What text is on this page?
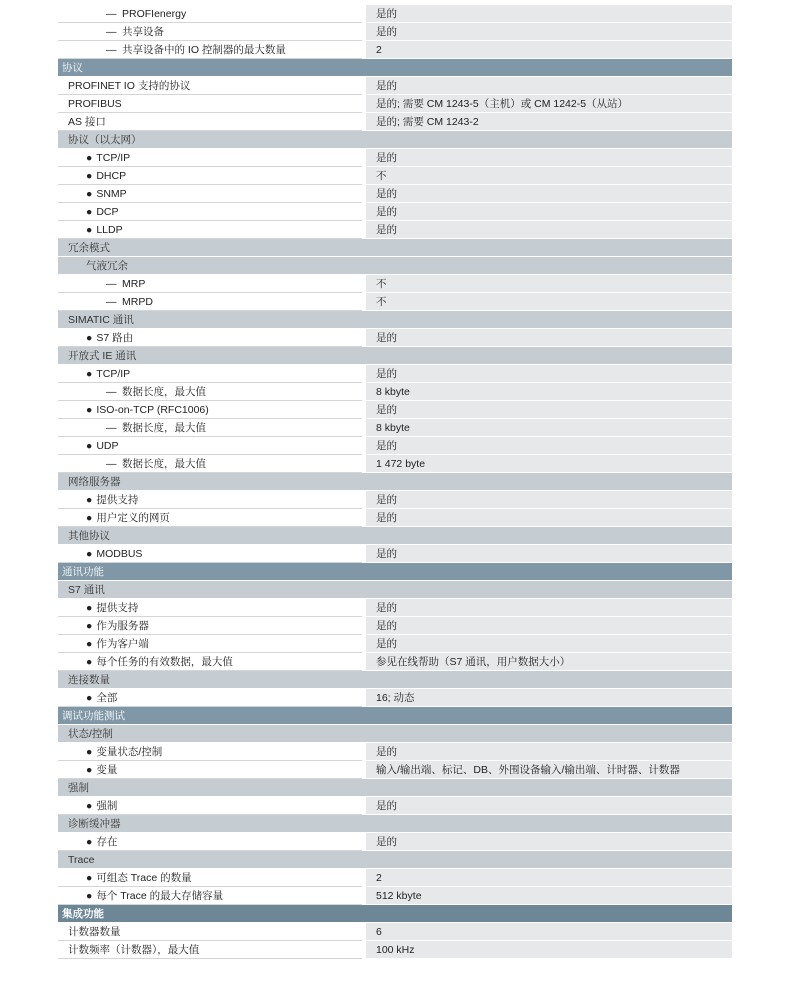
— PROFIenergy	是的
— 共享设备	是的
— 共享设备中的 IO 控制器的最大数量	2
协议
PROFINET IO 支持的协议	是的
PROFIBUS	是的; 需要 CM 1243-5（主机）或 CM 1242-5（从站）
AS 接口	是的; 需要 CM 1243-2
协议（以太网）
● TCP/IP	是的
● DHCP	不
● SNMP	是的
● DCP	是的
● LLDP	是的
冗余模式
气液冗余
— MRP	不
— MRPD	不
SIMATIC 通讯
● S7 路由	是的
开放式 IE 通讯
● TCP/IP	是的
— 数据长度，最大值	8 kbyte
● ISO-on-TCP (RFC1006)	是的
— 数据长度，最大值	8 kbyte
● UDP	是的
— 数据长度，最大值	1 472 byte
网络服务器
● 提供支持	是的
● 用户定义的网页	是的
其他协议
● MODBUS	是的
通讯功能
S7 通讯
● 提供支持	是的
● 作为服务器	是的
● 作为客户端	是的
● 每个任务的有效数据，最大值	参见在线帮助（S7 通讯，用户数据大小）
连接数量
● 全部	16; 动态
调试功能测试
状态/控制
● 变量状态/控制	是的
● 变量	输入/输出端、标记、DB、外围设备输入/输出端、计时器、计数器
强制
● 强制	是的
诊断缓冲器
● 存在	是的
Trace
● 可组态 Trace 的数量	2
● 每个 Trace 的最大存储容量	512 kbyte
集成功能
计数器数量	6
计数频率（计数器），最大值	100 kHz
